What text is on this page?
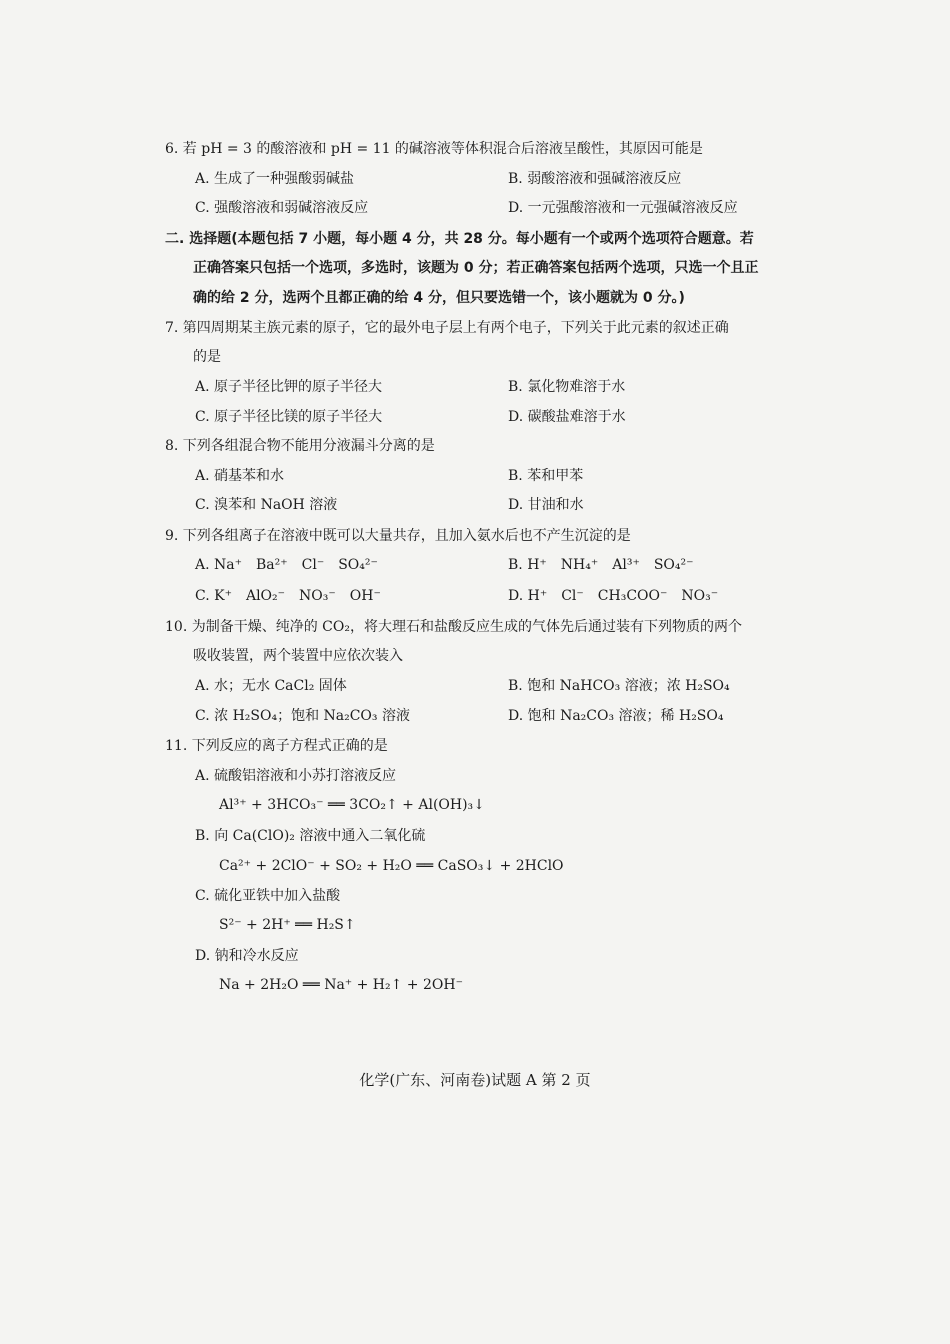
6. 若 pH = 3 的酸溶液和 pH = 11 的碱溶液等体积混合后溶液呈酸性，其原因可能是
A. 生成了一种强酸弱碱盐	B. 弱酸溶液和强碱溶液反应
C. 强酸溶液和弱碱溶液反应	D. 一元强酸溶液和一元强碱溶液反应
二. 选择题(本题包括 7 小题，每小题 4 分，共 28 分。每小题有一个或两个选项符合题意。若
正确答案只包括一个选项，多选时，该题为 0 分；若正确答案包括两个选项，只选一个且正
确的给 2 分，选两个且都正确的给 4 分，但只要选错一个，该小题就为 0 分。)
7. 第四周期某主族元素的原子，它的最外电子层上有两个电子，下列关于此元素的叙述正确
的是
A. 原子半径比钾的原子半径大	B. 氯化物难溶于水
C. 原子半径比镁的原子半径大	D. 碳酸盐难溶于水
8. 下列各组混合物不能用分液漏斗分离的是
A. 硝基苯和水	B. 苯和甲苯
C. 溴苯和 NaOH 溶液	D. 甘油和水
9. 下列各组离子在溶液中既可以大量共存，且加入氨水后也不产生沉淀的是
A. Na⁺　Ba²⁺　Cl⁻　SO₄²⁻	B. H⁺　NH₄⁺　Al³⁺　SO₄²⁻
C. K⁺　AlO₂⁻　NO₃⁻　OH⁻	D. H⁺　Cl⁻　CH₃COO⁻　NO₃⁻
10. 为制备干燥、纯净的 CO₂，将大理石和盐酸反应生成的气体先后通过装有下列物质的两个
吸收装置，两个装置中应依次装入
A. 水；无水 CaCl₂ 固体	B. 饱和 NaHCO₃ 溶液；浓 H₂SO₄
C. 浓 H₂SO₄；饱和 Na₂CO₃ 溶液	D. 饱和 Na₂CO₃ 溶液；稀 H₂SO₄
11. 下列反应的离子方程式正确的是
A. 硫酸铝溶液和小苏打溶液反应
Al³⁺ + 3HCO₃⁻ ══ 3CO₂↑ + Al(OH)₃↓
B. 向 Ca(ClO)₂ 溶液中通入二氧化硫
Ca²⁺ + 2ClO⁻ + SO₂ + H₂O ══ CaSO₃↓ + 2HClO
C. 硫化亚铁中加入盐酸
S²⁻ + 2H⁺ ══ H₂S↑
D. 钠和冷水反应
Na + 2H₂O ══ Na⁺ + H₂↑ + 2OH⁻
化学(广东、河南卷)试题 A 第 2 页
